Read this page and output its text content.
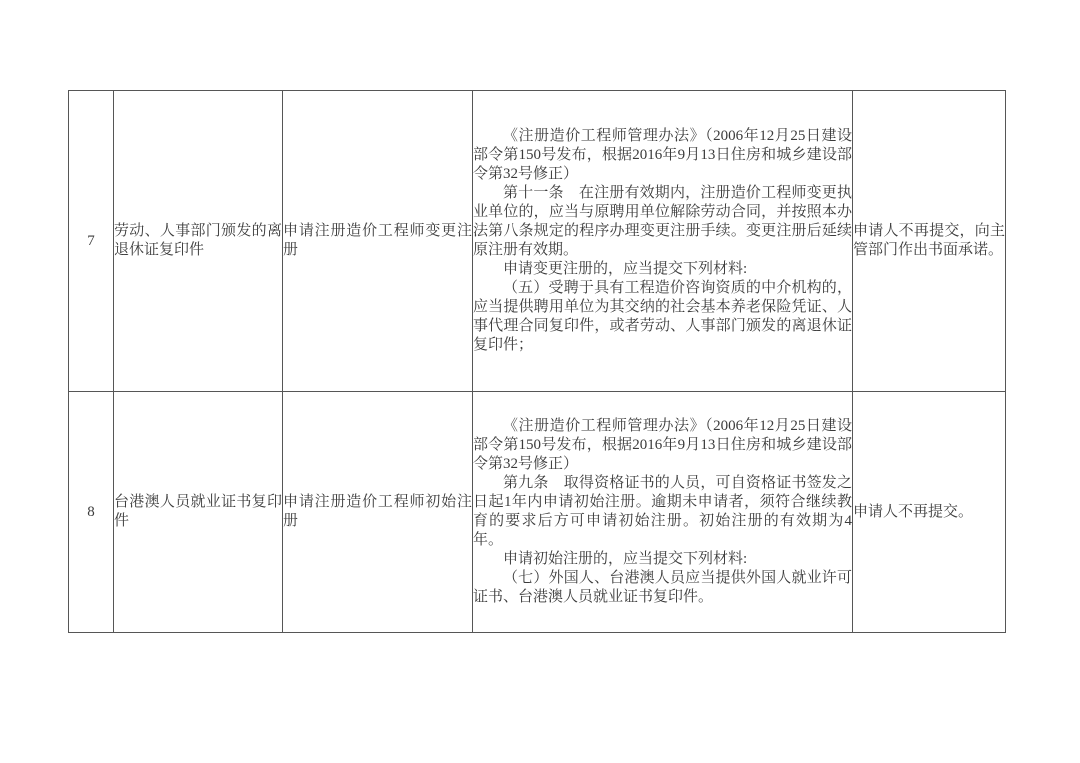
7	劳动、人事部门颁发的离退休证复印件	申请注册造价工程师变更注册	《注册造价工程师管理办法》（2006年12月25日建设部令第150号发布，根据2016年9月13日住房和城乡建设部令第32号修正）

第十一条　在注册有效期内，注册造价工程师变更执业单位的，应当与原聘用单位解除劳动合同，并按照本办法第八条规定的程序办理变更注册手续。变更注册后延续原注册有效期。

申请变更注册的，应当提交下列材料:

（五）受聘于具有工程造价咨询资质的中介机构的，应当提供聘用单位为其交纳的社会基本养老保险凭证、人事代理合同复印件，或者劳动、人事部门颁发的离退休证复印件；	申请人不再提交，向主管部门作出书面承诺。

8	台港澳人员就业证书复印件	申请注册造价工程师初始注册	《注册造价工程师管理办法》（2006年12月25日建设部令第150号发布，根据2016年9月13日住房和城乡建设部令第32号修正）

第九条　取得资格证书的人员，可自资格证书签发之日起1年内申请初始注册。逾期未申请者，须符合继续教育的要求后方可申请初始注册。初始注册的有效期为4年。

申请初始注册的，应当提交下列材料:

（七）外国人、台港澳人员应当提供外国人就业许可证书、台港澳人员就业证书复印件。	申请人不再提交。
